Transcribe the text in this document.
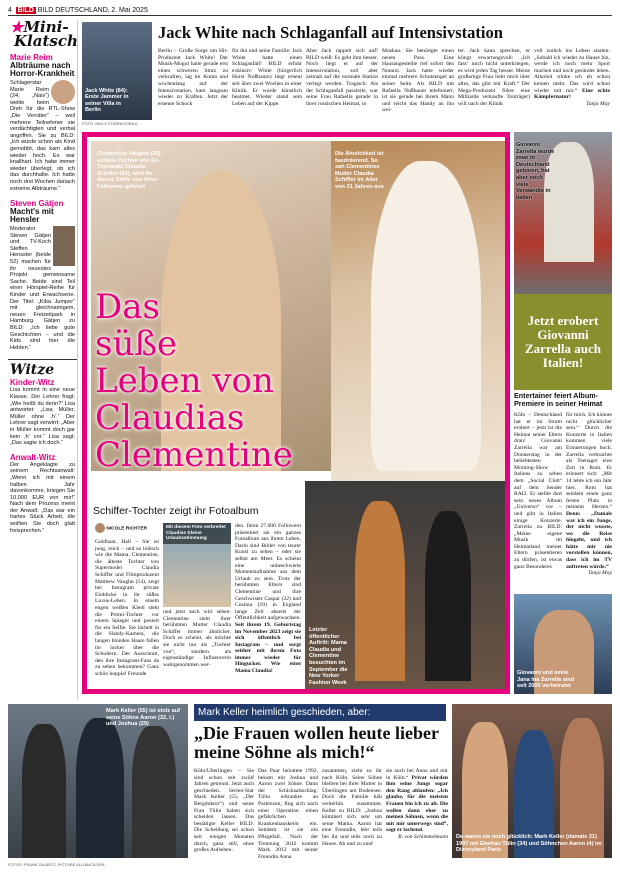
4 BILD BILD DEUTSCHLAND, 2. Mai 2025
★Mini-
Klatsch
Marie Reim
Albträume nach Horror-Krankheit
Schlagerstar Marie Reim (24, „Naiv“) weilte beim Dreh für die RTL-Show „Die Verräter“ – weil mehrere Teilnehmer sie verdächtigten und verbal angriffen. Sie zu BILD: „Ich wurde schon als Kind gemobbt, das kam alles wieder hoch. Es war knallhart. Ich habe immer wieder überlegt, ob ich das durchhalte. Ich hatte noch drei Wochen danach extreme Albträume.“
Steven Gätjen
Macht's mit Hensler
Moderator Steven Gätjen und TV-Koch Steffen Henssler (beide 52) machen für ihr neuestes Projekt gemeinsame Sache. Beide sind Teil einer Hörspiel-Reihe für Kinder und Erwachsene. Der Titel: „Kiba Jumper“ mit gleichnamigem, neuen Freizeitpark in Hamburg. Gätjen zu BILD: „Ich liebe gute Geschichten – und die Kids sind hier die Helden.“
Witze
Kinder-Witz
Lisa kommt in eine neue Klasse. Der Lehrer fragt: „Wie heißt du denn?“ Lisa antwortet: „Lisa Müller, Müller ohne ‚h‘.“ Der Lehrer sagt verwirrt: „Aber in Müller kommt doch gar kein ‚h‘ vor.“ Lisa sagt: „Das sagte ich doch.“
Anwalt-Witz
Der Angeklagte zu seinem Rechtsanwalt: „Wenn ich mit einem halben Jahr davonkomme, kriegen Sie 10.000 EUR von mir!“ Nach dem Prozess meint der Anwalt: „Das war ein hartes Stück Arbeit, die wollten Sie doch glatt freisprechen.“
Jack White (84): Erste Jammer in seiner Villa in Berlin
FOTO: NIELS STARNICK/BILD
Jack White nach Schlaganfall auf Intensivstation
Berlin – Große Sorge um Hit-Produzent Jack White! Der Musik-Mogul hatte gerade erst einen schweren Sturz zu verkraften, lag im Koma und wochenlang auf der Intensivstation, kam langsam wieder zu Kräften. Jetzt der erneute Schock
für ihn und seine Familie: Jack White hatte einen Schlaganfall! BILD erfuhr exklusiv: White (bürgerlich Horst Nußbaum) liegt erneut seit über zwei Wochen in einer Klinik. Er wurde künstlich beatmet. Wieder stand sein Leben auf der Kippe.
Aber Jack rappelt sich auf! BILD weiß: Es geht ihm besser. Noch liegt er auf der Intensivstation, soll aber zeitnah auf die normale Station verlegt werden. Tragisch: Als der Schlaganfall passierte, war seine Frau Rafaella gerade in ihrer russischen Heimat, in
Moskau. Sie benötigte einen neuen Pass. Eine Hausangestellte rief sofort den Notarzt. Jack hatte wieder einmal mehrere Schutzengel an seiner Seite. Als BILD mit Rafaella Nußbaum telefoniert, ist sie gerade bei ihrem Mann und reicht das Handy an ihn wei-
ter. Jack kann sprechen, er klingt erwartungsvoll: „Ich fass‘ mich nicht unterkriegen, es wird jeden Tag besser. Meine großartige Frau liebt mich über alles, das gibt mir Kraft.“ Der Mega-Produzent führe eine Milliarde verkaufte Tonträger) will nach der Klinik
voll zurück ins Leben starten: „Sobald ich wieder zu Hause bin, werde ich noch mehr Sport machen und noch gesünder leben. Alkohol trinke ich eh schon keinen mehr. Das wird schon wieder mit mir.“ Eine echte Kämpfernatur!
Tanja May
Clementine Vaughn (20), schöne Tochter von Ex-Topmodel Claudia Schiffer (54), wird für dieses Selfie von ihren Followern gefeiert
Die Ähnlichkeit ist faszinierend. So sah Clementines Mutter Claudia Schiffer im Alter von 21 Jahren aus
Das
süße
Leben von
Claudias
Clementine
Schiffer-Tochter zeigt ihr Fotoalbum
NICOLE RICHTER
Goldhaar, Hall – Sie ist jung, reich – und so hübsch wie die Mama. Clementine, die älteste Tochter von Supermodel Claudia Schiffer und Filmproduzent Matthew Vaughn (54), zeigt bei Instagram private Einblicke in ihr süßes Luxus-Leben. In einem engen weißen Kleid steht die Promi-Tochter vor einem Spiegel und posiert für ein Selfie. Sie lächelt in die Handy-Kamera, die langen blonden Haare fallen ihr locker über die Schultern. Der Ausschnitt, den ihre Instagram-Fans da zu sehen bekommen? Ganz schön hoppla! Freunde
Mit diesem Foto verbreitet Claudias Kleine Urlaubsstimmung
und jetzt auch wirl sehen: Clementine sieht ihrer berühmten Mutter Claudia Schiffer immer ähnlicher. Doch es scheint, als möchte sie nicht nur als „Tochter von“, sondern als eigenständige Influencerin wahrgenommen wer-
den. Ihren 27.600 Followern präsentiert sie ein ganzes Fotoalbum aus ihrem Leben. Darin sind Bilder von teurer Kunst zu sehen – oder sie selbst am Meer. Es scheint eine unbeschwerte Momentaufnahme aus dem Urlaub zu sein. Trotz der berühmten Eltern sind Clementine und ihre Geschwister Caspar (22) und Cosima (19) in England lange Zeit abseits der Öffentlichkeit aufgewachsen. Seit ihrem 19. Geburtstag im November 2023 zeigt sie sich öffentlich bei Instagram – und sorgt seither mit ihrem Foto immer wieder für Hingucker. Wie einst Mama Claudia!
Letzter öffentlicher Auftritt: Mama Claudia und Clementine besuchten im September die New Yorker Fashion Week
Giovanni Zarrella wurde zwar in Deutschland geboren, hat aber noch viele Verwandte in Italien
Jetzt erobert Giovanni Zarrella auch Italien!
Entertainer feiert Album-Premiere in seiner Heimat
Köln – Deutschland hat er im Sturm erobert – jetzt ist die Heimat seiner Eltern dran! Giovanni Zarrella war am Donnerstag in der beliebtesten Morning-Show Italiens zu sehen dem „Social Club“ auf dem Sender RAI2. Er stellte dort sein neues Album „Universo“ vor – und gibt in Italien einige Konzerte. Zarrella zu BILD: „Meine eigene Musik im Heimatland meiner Eltern präsentieren zu dürfen, ist etwas ganz Besonderes
für mich. Ich könnte nicht glücklicher sein.“ Durch die Konzerte in Italien kommen viele Erinnerungen hoch. Zarrella verbrachte als Teenager eine Zeit in Rom. Er erinnert sich: „Mit 14 lebte ich ein Jahr hier, Rom hat seitdem einen ganz festen Platz in meinem Herzen.“ Denn: „Damals war ich ein Junge, der nicht wusste, wo die Reise hingeht, und ich hätte mir nie vorstellen können, dass ich im TV auftreten würde.“
Tanja May
Giovanni und seine Jana Ina Zarrella sind seit 2005 verheiratet
Mark Keller (55) ist stolz auf seine Söhne Aaron (32, l.) und Joshua (29)
Mark Keller heimlich geschieden, aber:
„Die Frauen wollen heute lieber meine Söhne als mich!“
Köln/Überlingen – Sie sind schon seit zwölf Jahren getrennt. Jetzt auch geschieden. Serien-Star Mark Keller (55, „Der Bergdoktor“) und seine Frau Tülin haben sich scheiden lassen. Das bestätigte Keller BILD. Die Scheidung sei schon seit einigen Monaten durch, ganz still, ohne großes Aufsehen.
Das Paar heiratete 1992, bekam mit Joshua und Aaron zwei Söhne. Dann der Schicksalsschlag: Tülin erkrankte an Parkinson, fing sich nach einer Operation einen gefährlichen Krankenhauskeim ein. Seitdem ist sie ein Pflegefall. Nach der Trennung 2012 kommt Mark 2012 mit seiner Freundin Anna
zusammen, zieht zu ihr nach Köln. Seine Söhne bleiben bei ihrer Mutter in Überlingen am Bodensee. Doch die Familie hält weiterhin zusammen. Keller zu BILD: „Joshua kümmert sich sehr um seine Mama. Aaron hat eine Freundin, lebt teils bei ihr und teils noch zu Hause. Ab und zu sind
sie auch bei Anna und mir in Köln.“ Privat würden ihm seine Jungs sogar den Rang ablaufen: „Ich glaube, für die meisten Frauen bin ich zu alt. Die wollen dann eher zu meinen Söhnen, wenn die mit mir unterwegs sind“, sagt er lachend.
B. von Schimmelmann Da waren sie noch glücklich: Mark Keller (damals 31) 1997 mit Ehefrau Tülin (34) und Söhnchen Aaron (4) im Disneyland Paris
FOTOS: FRANK ZAURITZ; PICTURE ALLIANCE/DPA
